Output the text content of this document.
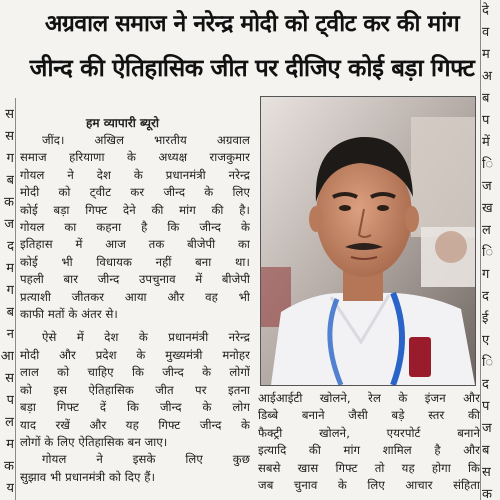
स
स
ग
ब
क
ज
द
म
ग
ब
न
आ
स
प
ल
म
क
य
दे
व
म
अ
ब
प
में
ि
ज
ख
ल
ि
ग
द
ई
ए
ि
द
प
ज
ब
स
क
अग्रवाल समाज ने नरेन्द्र मोदी को ट्वीट कर की मांग
जीन्द की ऐतिहासिक जीत पर दीजिए कोई बड़ा गिफ्ट
हम व्यापारी ब्यूरो
जींद। अखिल भारतीय अग्रवाल
समाज हरियाणा के अध्यक्ष राजकुमार
गोयल ने देश के प्रधानमंत्री नरेन्द्र
मोदी को ट्वीट कर जीन्द के लिए
कोई बड़ा गिफ्ट देने की मांग की है।
गोयल का कहना है कि जीन्द के
इतिहास में आज तक बीजेपी का
कोई भी विधायक नहीं बना था।
पहली बार जीन्द उपचुनाव में बीजेपी
प्रत्याशी जीतकर आया और वह भी
काफी मतों के अंतर से।
ऐसे में देश के प्रधानमंत्री नरेन्द्र
मोदी और प्रदेश के मुख्यमंत्री मनोहर
लाल को चाहिए कि जीन्द के लोगों
को इस ऐतिहासिक जीत पर इतना
बड़ा गिफ्ट दें कि जीन्द के लोग
याद रखें और यह गिफ्ट जीन्द के
लोगों के लिए ऐतिहासिक बन जाए।
गोयल ने इसके लिए कुछ
सुझाव भी प्रधानमंत्री को दिए हैं।
आईआईटी खोलने, रेल के इंजन और
डिब्बे बनाने जैसी बड़े स्तर की
फैक्ट्री खोलने, एयरपोर्ट बनाने
इत्यादि की मांग शामिल है और
सबसे खास गिफ्ट तो यह होगा कि
जब चुनाव के लिए आचार संहिता
